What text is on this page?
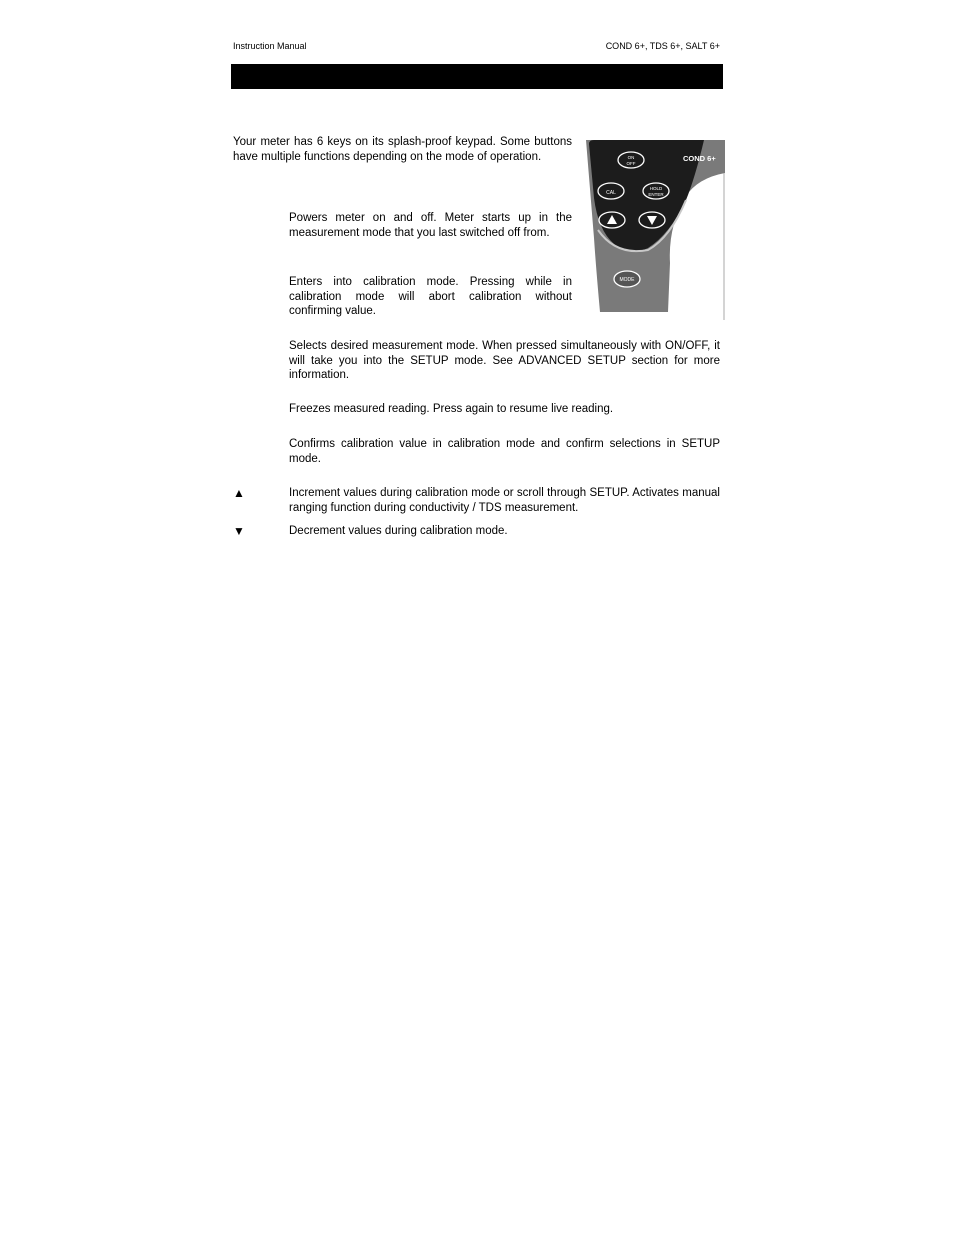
Instruction Manual	COND 6+, TDS 6+, SALT 6+

Your meter has 6 keys on its splash-proof keypad. Some buttons have multiple functions depending on the mode of operation.	COND 6+
ON
OFF
CAL
HOLD
ENTER
MODE

Powers meter on and off. Meter starts up in the measurement mode that you last switched off from.

Enters into calibration mode. Pressing while in calibration mode will abort calibration without confirming value.

Selects desired measurement mode. When pressed simultaneously with ON/OFF, it will take you into the SETUP mode. See ADVANCED SETUP section for more information.

Freezes measured reading. Press again to resume live reading.

Confirms calibration value in calibration mode and confirm selections in SETUP mode.

▲	Increment values during calibration mode or scroll through SETUP. Activates manual ranging function during conductivity / TDS measurement.

▼	Decrement values during calibration mode.
